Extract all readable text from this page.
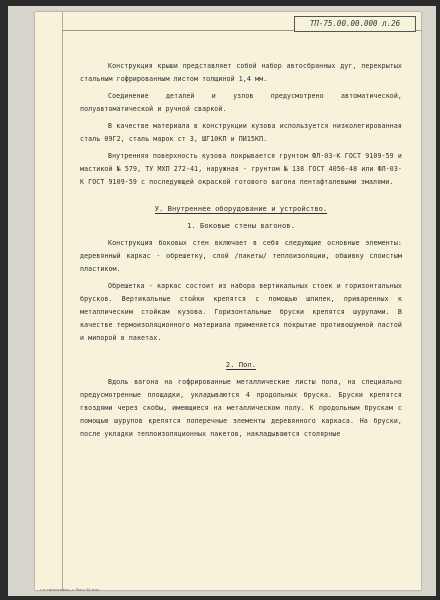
ТП-75.00.00.000 л.26

Конструкция крыши представляет собой набор автосбранных дуг, перекрытых стальным гофрированным листом толщиной 1,4 мм.

Соединение деталей и узлов предусмотрено автоматической, полуавтоматической и ручной сваркой.

В качестве материала в конструкции кузова используется низколегированная сталь 09Г2, сталь марок ст 3, ШГ10КП и ПИ15КП.

Внутренняя поверхность кузова покрывается грунтом ФЛ-03-К ГОСТ 9109-59 и мастикой № 579, ТУ МХП 272-41, наружная - грунтом № 138 ГОСТ 4056-48 или ФЛ-03-К ГОСТ 9109-59 с последующей окраской готового вагона пентафталевыми эмалями.

У. Внутреннее оборудование и устройство.
1. Боковые стены вагонов.

Конструкция боковых стен включает в себя следующие основные элементы: деревянный каркас - обрешетку, слой /пакеты/ теплоизоляции, обшивку слоистым пластиком.

Обрешетка - каркас состоит из набора вертикальных стоек и горизонтальных брусков. Вертикальные стойки крепятся с помощью шпилек, приваренных к металлическим стойкам кузова. Горизонтальные бруски крепятся шурупами. В качестве термоизоляционного материала применяется покрытие противошумной пастой и мипорой в пакетах.

2. Пол.

Вдоль вагона на гофрированные металлические листы пола, на специально предусмотренные площадки, укладываются 4 продольных бруска. Бруски крепятся гвоздями через скобы, имеющиеся на металлическом полу. К продольным брускам с помощью шурупов крепятся поперечные элементы деревянного каркаса. На бруски, после укладки теплоизоляционных пакетов, накладываются столярные

г-н типография, г. Рига 30 млн.
